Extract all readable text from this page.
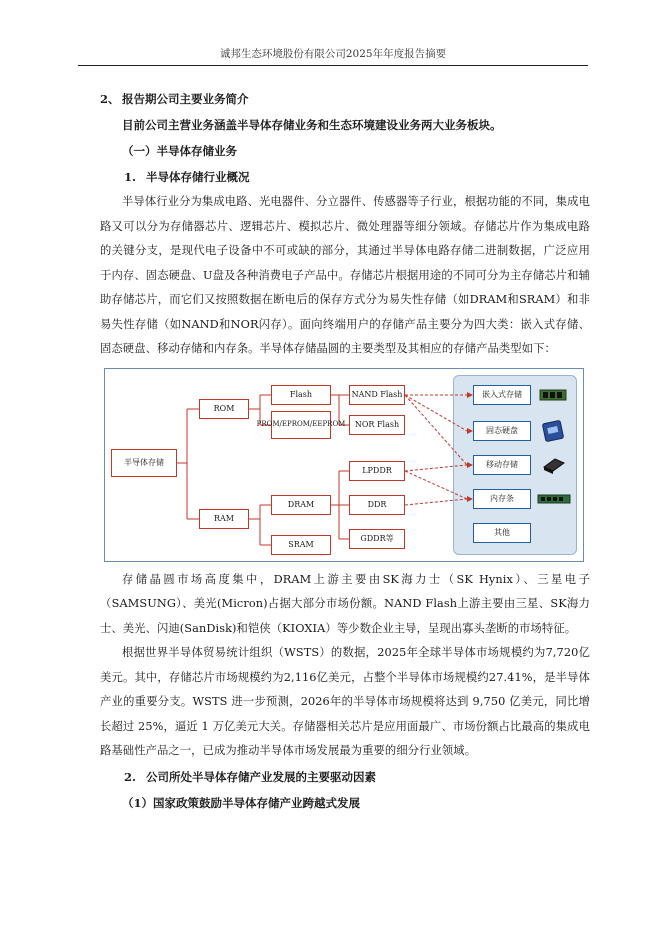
诚邦生态环境股份有限公司2025年年度报告摘要
2、 报告期公司主要业务简介
目前公司主营业务涵盖半导体存储业务和生态环境建设业务两大业务板块。
（一）半导体存储业务
1. 半导体存储行业概况

半导体行业分为集成电路、光电器件、分立器件、传感器等子行业，根据功能的不同，集成电路又可以分为存储器芯片、逻辑芯片、模拟芯片、微处理器等细分领域。存储芯片作为集成电路的关键分支，是现代电子设备中不可或缺的部分，其通过半导体电路存储二进制数据，广泛应用于内存、固态硬盘、U盘及各种消费电子产品中。存储芯片根据用途的不同可分为主存储芯片和辅助存储芯片，而它们又按照数据在断电后的保存方式分为易失性存储（如DRAM和SRAM）和非易失性存储（如NAND和NOR闪存）。面向终端用户的存储产品主要分为四大类：嵌入式存储、固态硬盘、移动存储和内存条。半导体存储晶圆的主要类型及其相应的存储产品类型如下：

半导体存储
ROM
RAM
Flash
PROM/EPROM/EEPROM
NAND Flash
NOR Flash
LPDDR
DDR
GDDR等
DRAM
SRAM
嵌入式存储
固态硬盘
移动存储
内存条
其他

存储晶圆市场高度集中，DRAM上游主要由SK海力士（SK Hynix）、三星电子（SAMSUNG）、美光(Micron)占据大部分市场份额。NAND Flash上游主要由三星、SK海力士、美光、闪迪(SanDisk)和铠侠（KIOXIA）等少数企业主导，呈现出寡头垄断的市场特征。

根据世界半导体贸易统计组织（WSTS）的数据，2025年全球半导体市场规模约为7,720亿美元。其中，存储芯片市场规模约为2,116亿美元，占整个半导体市场规模约27.41%，是半导体产业的重要分支。WSTS 进一步预测，2026年的半导体市场规模将达到 9,750 亿美元，同比增长超过 25%，逼近 1 万亿美元大关。存储器相关芯片是应用面最广、市场份额占比最高的集成电路基础性产品之一，已成为推动半导体市场发展最为重要的细分行业领域。

2. 公司所处半导体存储产业发展的主要驱动因素
（1）国家政策鼓励半导体存储产业跨越式发展
